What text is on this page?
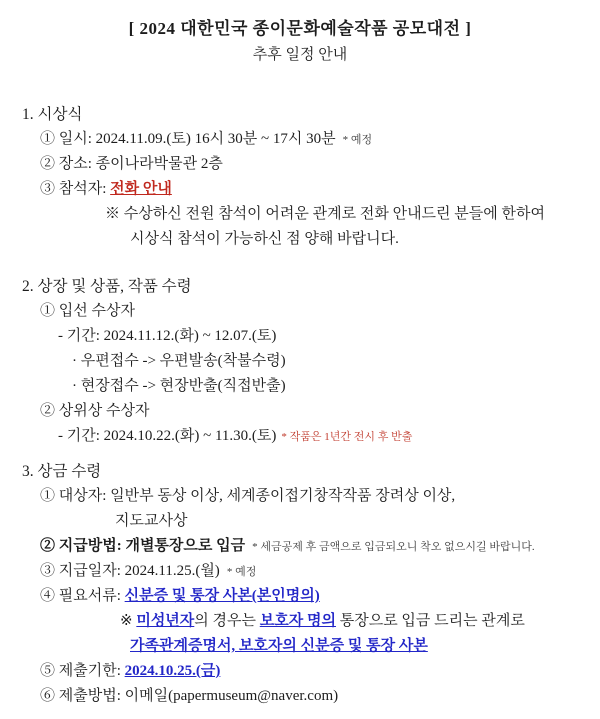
[ 2024 대한민국 종이문화예술작품 공모대전 ]
추후 일정 안내
1. 시상식
① 일시: 2024.11.09.(토) 16시 30분 ~ 17시 30분 * 예정
② 장소: 종이나라박물관 2층
③ 참석자: 전화 안내
※ 수상하신 전원 참석이 어려운 관계로 전화 안내드린 분들에 한하여
시상식 참석이 가능하신 점 양해 바랍니다.
2. 상장 및 상품, 작품 수령
① 입선 수상자
- 기간: 2024.11.12.(화) ~ 12.07.(토)
· 우편접수 -> 우편발송(착불수령)
· 현장접수 -> 현장반출(직접반출)
② 상위상 수상자
- 기간: 2024.10.22.(화) ~ 11.30.(토) * 작품은 1년간 전시 후 반출
3. 상금 수령
① 대상자: 일반부 동상 이상, 세계종이접기창작작품 장려상 이상,
지도교사상
② 지급방법: 개별통장으로 입금 * 세금공제 후 금액으로 입금되오니 착오 없으시길 바랍니다.
③ 지급일자: 2024.11.25.(월) * 예정
④ 필요서류: 신분증 및 통장 사본(본인명의)
※ 미성년자의 경우는 보호자 명의 통장으로 입금 드리는 관계로
가족관계증명서, 보호자의 신분증 및 통장 사본
⑤ 제출기한: 2024.10.25.(금)
⑥ 제출방법: 이메일(papermuseum@naver.com)
